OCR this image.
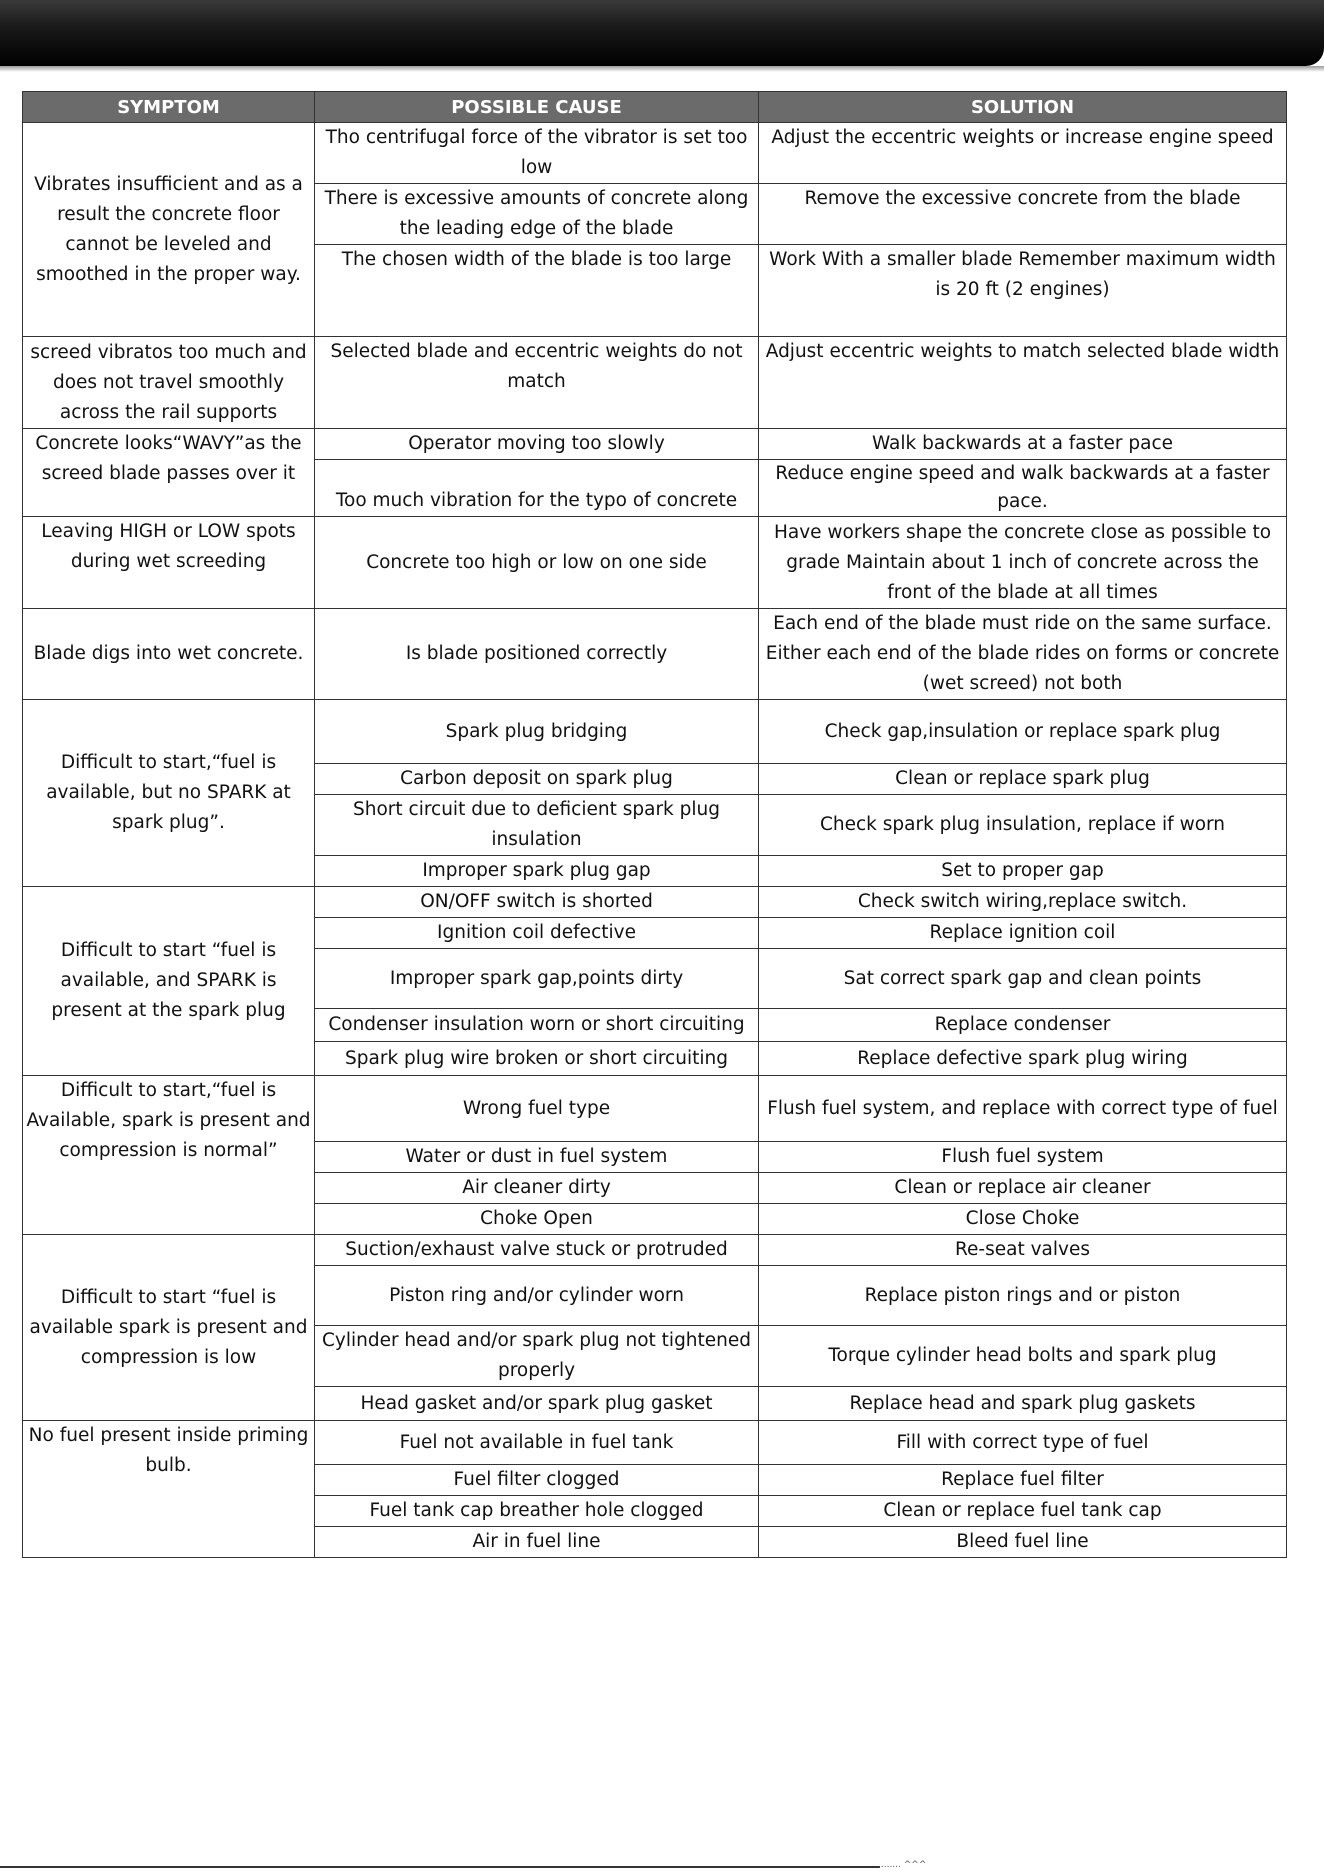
SYMPTOM	POSSIBLE CAUSE	SOLUTION
Vibrates insufficient and as a result the concrete floor cannot be leveled and smoothed in the proper way.	Tho centrifugal force of the vibrator is set too low	Adjust the eccentric weights or increase engine speed
	There is excessive amounts of concrete along the leading edge of the blade	Remove the excessive concrete from the blade
	The chosen width of the blade is too large	Work With a smaller blade Remember maximum width is 20 ft (2 engines)
screed vibratos too much and does not travel smoothly across the rail supports	Selected blade and eccentric weights do not match	Adjust eccentric weights to match selected blade width
Concrete looks“WAVY”as the screed blade passes over it	Operator moving too slowly	Walk backwards at a faster pace
	Too much vibration for the typo of concrete	Reduce engine speed and walk backwards at a faster pace.
Leaving HIGH or LOW spots during wet screeding	Concrete too high or low on one side	Have workers shape the concrete close as possible to grade Maintain about 1 inch of concrete across the front of the blade at all times
Blade digs into wet concrete.	Is blade positioned correctly	Each end of the blade must ride on the same surface. Either each end of the blade rides on forms or concrete (wet screed) not both
Difficult to start,“fuel is available, but no SPARK at spark plug”.	Spark plug bridging	Check gap,insulation or replace spark plug
	Carbon deposit on spark plug	Clean or replace spark plug
	Short circuit due to deficient spark plug insulation	Check spark plug insulation, replace if worn
	Improper spark plug gap	Set to proper gap
Difficult to start “fuel is available, and SPARK is present at the spark plug	ON/OFF switch is shorted	Check switch wiring,replace switch.
	Ignition coil defective	Replace ignition coil
	Improper spark gap,points dirty	Sat correct spark gap and clean points
	Condenser insulation worn or short circuiting	Replace condenser
	Spark plug wire broken or short circuiting	Replace defective spark plug wiring
Difficult to start,“fuel is Available, spark is present and compression is normal”	Wrong fuel type	Flush fuel system, and replace with correct type of fuel
	Water or dust in fuel system	Flush fuel system
	Air cleaner dirty	Clean or replace air cleaner
	Choke Open	Close Choke
Difficult to start “fuel is available spark is present and compression is low	Suction/exhaust valve stuck or protruded	Re-seat valves
	Piston ring and/or cylinder worn	Replace piston rings and or piston
	Cylinder head and/or spark plug not tightened properly	Torque cylinder head bolts and spark plug
	Head gasket and/or spark plug gasket	Replace head and spark plug gaskets
No fuel present inside priming bulb.	Fuel not available in fuel tank	Fill with correct type of fuel
	Fuel filter clogged	Replace fuel filter
	Fuel tank cap breather hole clogged	Clean or replace fuel tank cap
	Air in fuel line	Bleed fuel line
........ ^^^
